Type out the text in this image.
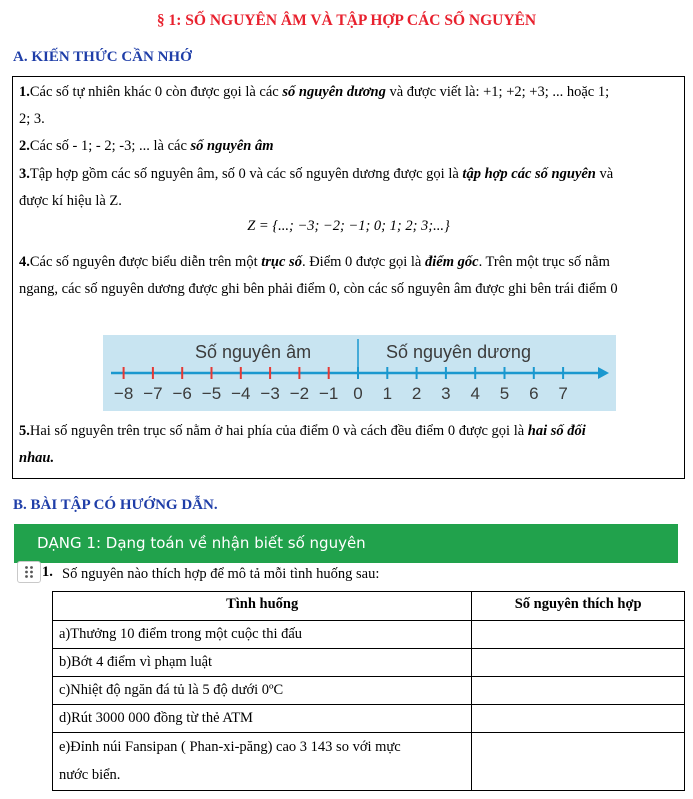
§ 1: SỐ NGUYÊN ÂM VÀ TẬP HỢP CÁC SỐ NGUYÊN
A. KIẾN THỨC CẦN NHỚ
1.Các số tự nhiên khác 0 còn được gọi là các số nguyên dương và được viết là: +1; +2; +3; ... hoặc 1;
2; 3.
2.Các số - 1; - 2; -3; ... là các số nguyên âm
3.Tập hợp gồm các số nguyên âm, số 0 và các số nguyên dương được gọi là tập hợp các số nguyên và
được kí hiệu là Z.
Z = {...; −3; −2; −1; 0; 1; 2; 3;...}
4.Các số nguyên được biểu diễn trên một trục số. Điểm 0 được gọi là điểm gốc. Trên một trục số nằm
ngang, các số nguyên dương được ghi bên phải điểm 0, còn các số nguyên âm được ghi bên trái điểm 0
Số nguyên âm	Số nguyên dương
−8 −7 −6 −5 −4 −3 −2 −1 0 1 2 3 4 5 6 7
5.Hai số nguyên trên trục số nằm ở hai phía của điểm 0 và cách đều điểm 0 được gọi là hai số đối
nhau.
B. BÀI TẬP CÓ HƯỚNG DẪN.
DẠNG 1: Dạng toán về nhận biết số nguyên
1. Số nguyên nào thích hợp để mô tả mỗi tình huống sau:
Tình huống	Số nguyên thích hợp
a)Thưởng 10 điểm trong một cuộc thi đấu	
b)Bớt 4 điểm vì phạm luật	
c)Nhiệt độ ngăn đá tủ là 5 độ dưới 0ºC	
d)Rút 3000 000 đồng từ thẻ ATM	
e)Đỉnh núi Fansipan ( Phan-xi-păng) cao 3 143 so với mực
nước biển.	
